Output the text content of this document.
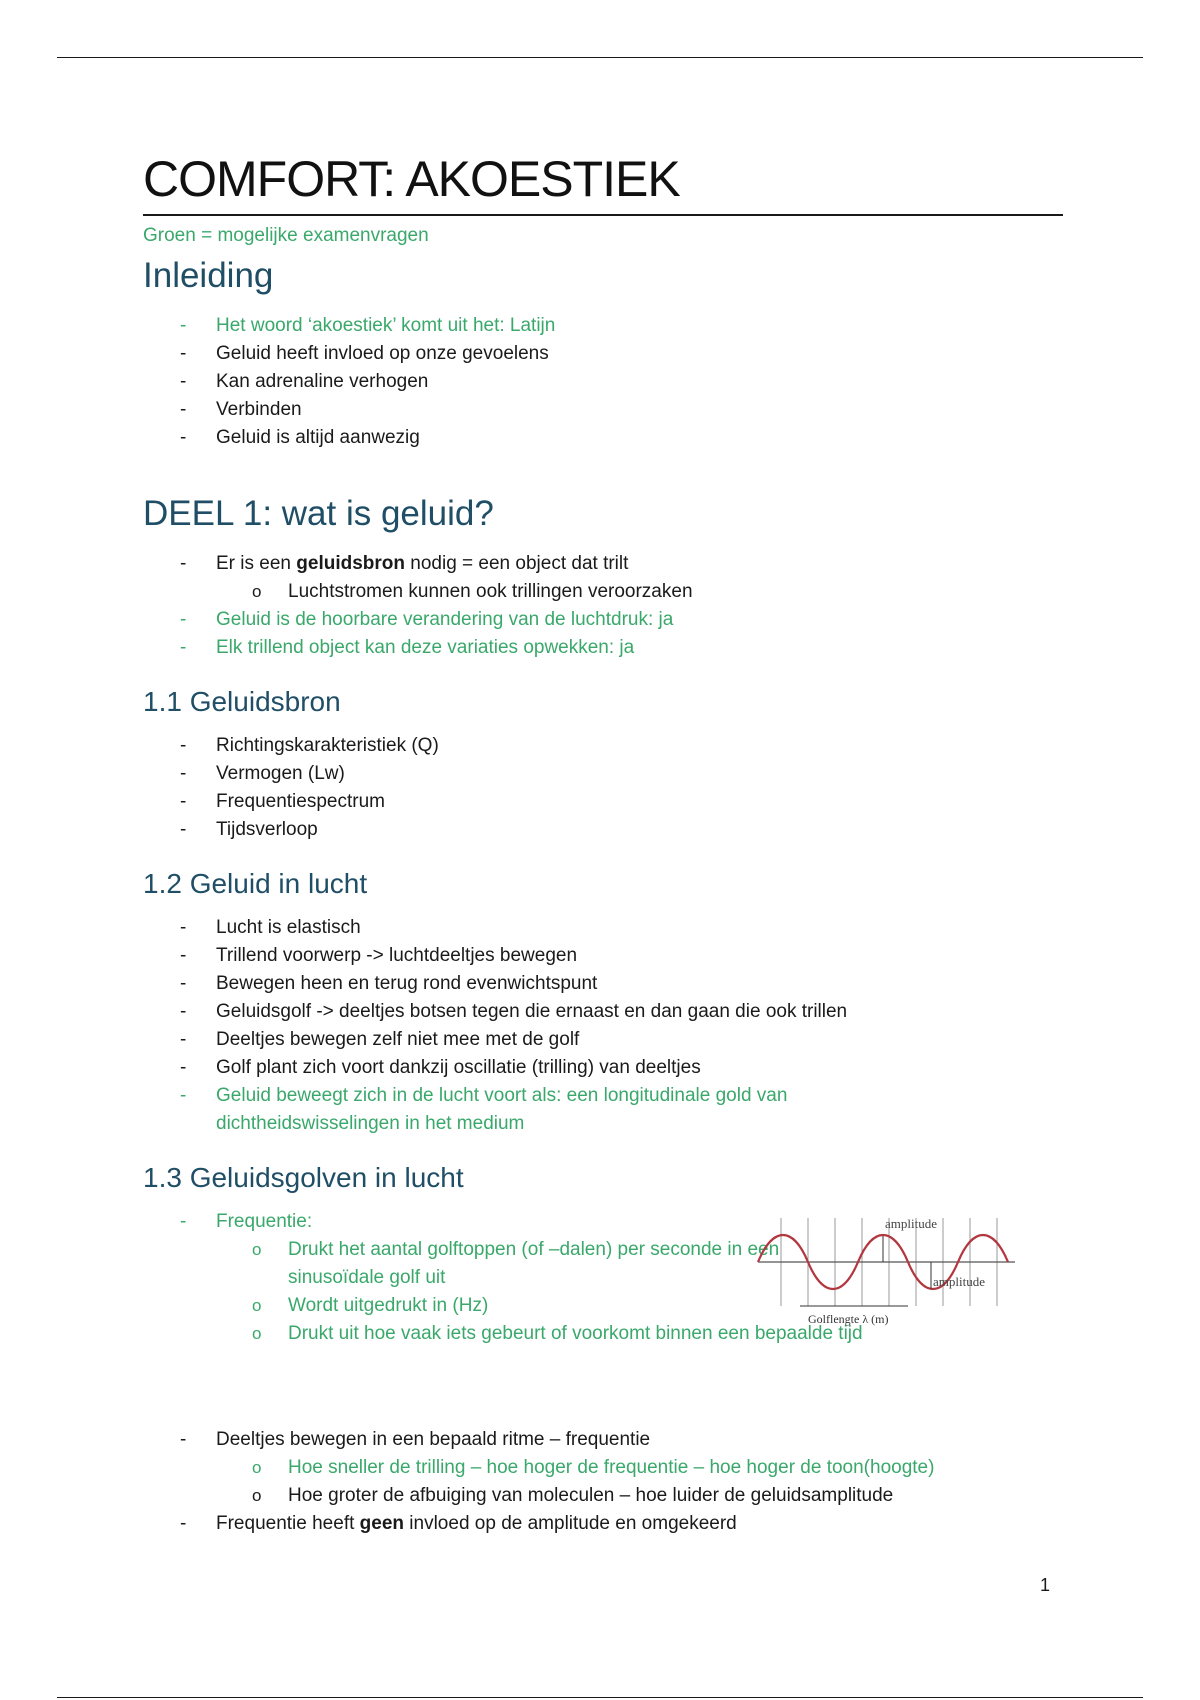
COMFORT: AKOESTIEK
Groen = mogelijke examenvragen
Inleiding
- Het woord ‘akoestiek’ komt uit het: Latijn
- Geluid heeft invloed op onze gevoelens
- Kan adrenaline verhogen
- Verbinden
- Geluid is altijd aanwezig
DEEL 1: wat is geluid?
- Er is een geluidsbron nodig = een object dat trilt
o Luchtstromen kunnen ook trillingen veroorzaken
- Geluid is de hoorbare verandering van de luchtdruk: ja
- Elk trillend object kan deze variaties opwekken: ja
1.1 Geluidsbron
- Richtingskarakteristiek (Q)
- Vermogen (Lw)
- Frequentiespectrum
- Tijdsverloop
1.2 Geluid in lucht
- Lucht is elastisch
- Trillend voorwerp -> luchtdeeltjes bewegen
- Bewegen heen en terug rond evenwichtspunt
- Geluidsgolf -> deeltjes botsen tegen die ernaast en dan gaan die ook trillen
- Deeltjes bewegen zelf niet mee met de golf
- Golf plant zich voort dankzij oscillatie (trilling) van deeltjes
- Geluid beweegt zich in de lucht voort als: een longitudinale gold van dichtheidswisselingen in het medium
1.3 Geluidsgolven in lucht
- Frequentie:
o Drukt het aantal golftoppen (of –dalen) per seconde in een sinusoïdale golf uit
o Wordt uitgedrukt in (Hz)
o Drukt uit hoe vaak iets gebeurt of voorkomt binnen een bepaalde tijd
amplitude
amplitude
Golflengte λ (m)
- Deeltjes bewegen in een bepaald ritme – frequentie
o Hoe sneller de trilling – hoe hoger de frequentie – hoe hoger de toon(hoogte)
o Hoe groter de afbuiging van moleculen – hoe luider de geluidsamplitude
- Frequentie heeft geen invloed op de amplitude en omgekeerd
1
